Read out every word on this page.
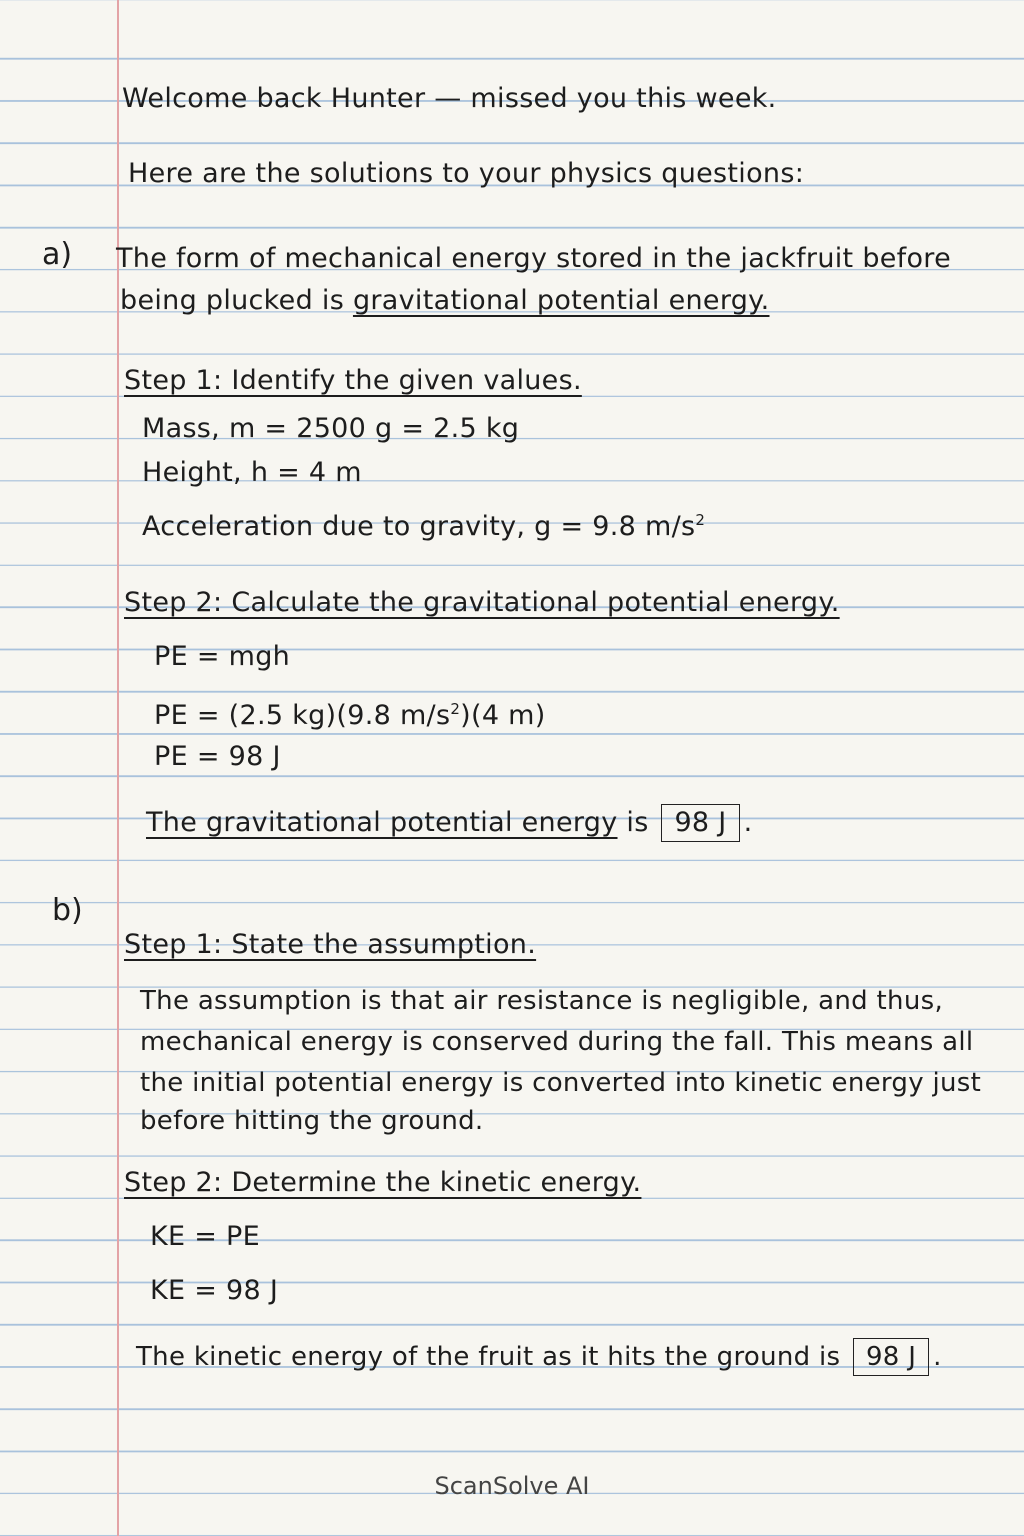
Welcome back Hunter — missed you this week.
Here are the solutions to your physics questions:
a) The form of mechanical energy stored in the jackfruit before
being plucked is gravitational potential energy.
Step 1: Identify the given values.
Mass, m = 2500 g = 2.5 kg
Height, h = 4 m
Acceleration due to gravity, g = 9.8 $m/s^2$
Step 2: Calculate the gravitational potential energy.
PE = mgh
PE = (2.5 kg)(9.8 $m/s^2)(4$ m)
PE = 98 J
The gravitational potential energy is 98 J .
b)
Step 1: State the assumption.
The assumption is that air resistance is negligible, and thus,
mechanical energy is conserved during the fall. This means all
the initial potential energy is converted into kinetic energy just
before hitting the ground.
Step 2: Determine the kinetic energy.
KE = PE
KE = 98 J
The kinetic energy of the fruit as it hits the ground is 98 J .
ScanSolve AI
